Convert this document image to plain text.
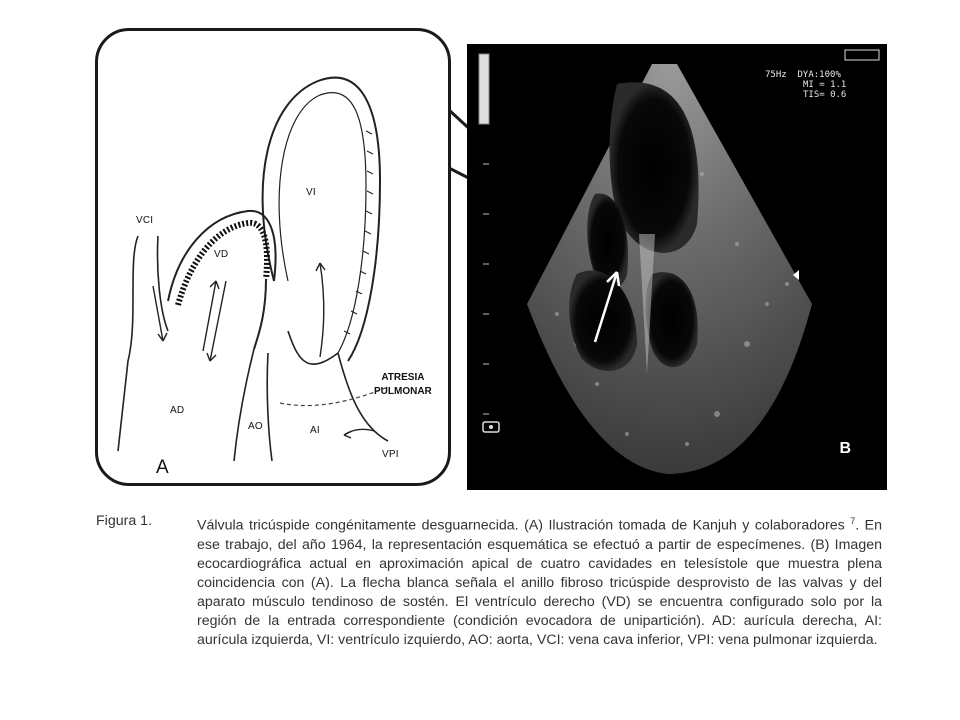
VCI
VD
VI
AD
AO	AI
VPI
ATRESIA
PULMONAR
A
75Hz  DYA:100%
MI = 1.1
TIS= 0.6
B
Figura 1.	Válvula tricúspide congénitamente desguarnecida. (A) Ilustración tomada de Kanjuh y colaboradores $^7$. En ese trabajo, del año 1964, la representación esquemática se efectuó a partir de especímenes. (B) Imagen ecocardiográfica actual en aproximación apical de cuatro cavidades en telesístole que muestra plena coincidencia con (A). La flecha blanca señala el anillo fibroso tricúspide desprovisto de las valvas y del aparato músculo tendinoso de sostén. El ventrículo derecho (VD) se encuentra configurado solo por la región de la entrada correspondiente (condición evocadora de unipartición). AD: aurícula derecha, AI: aurícula izquierda, VI: ventrículo izquierdo, AO: aorta, VCI: vena cava inferior, VPI: vena pulmonar izquierda.
